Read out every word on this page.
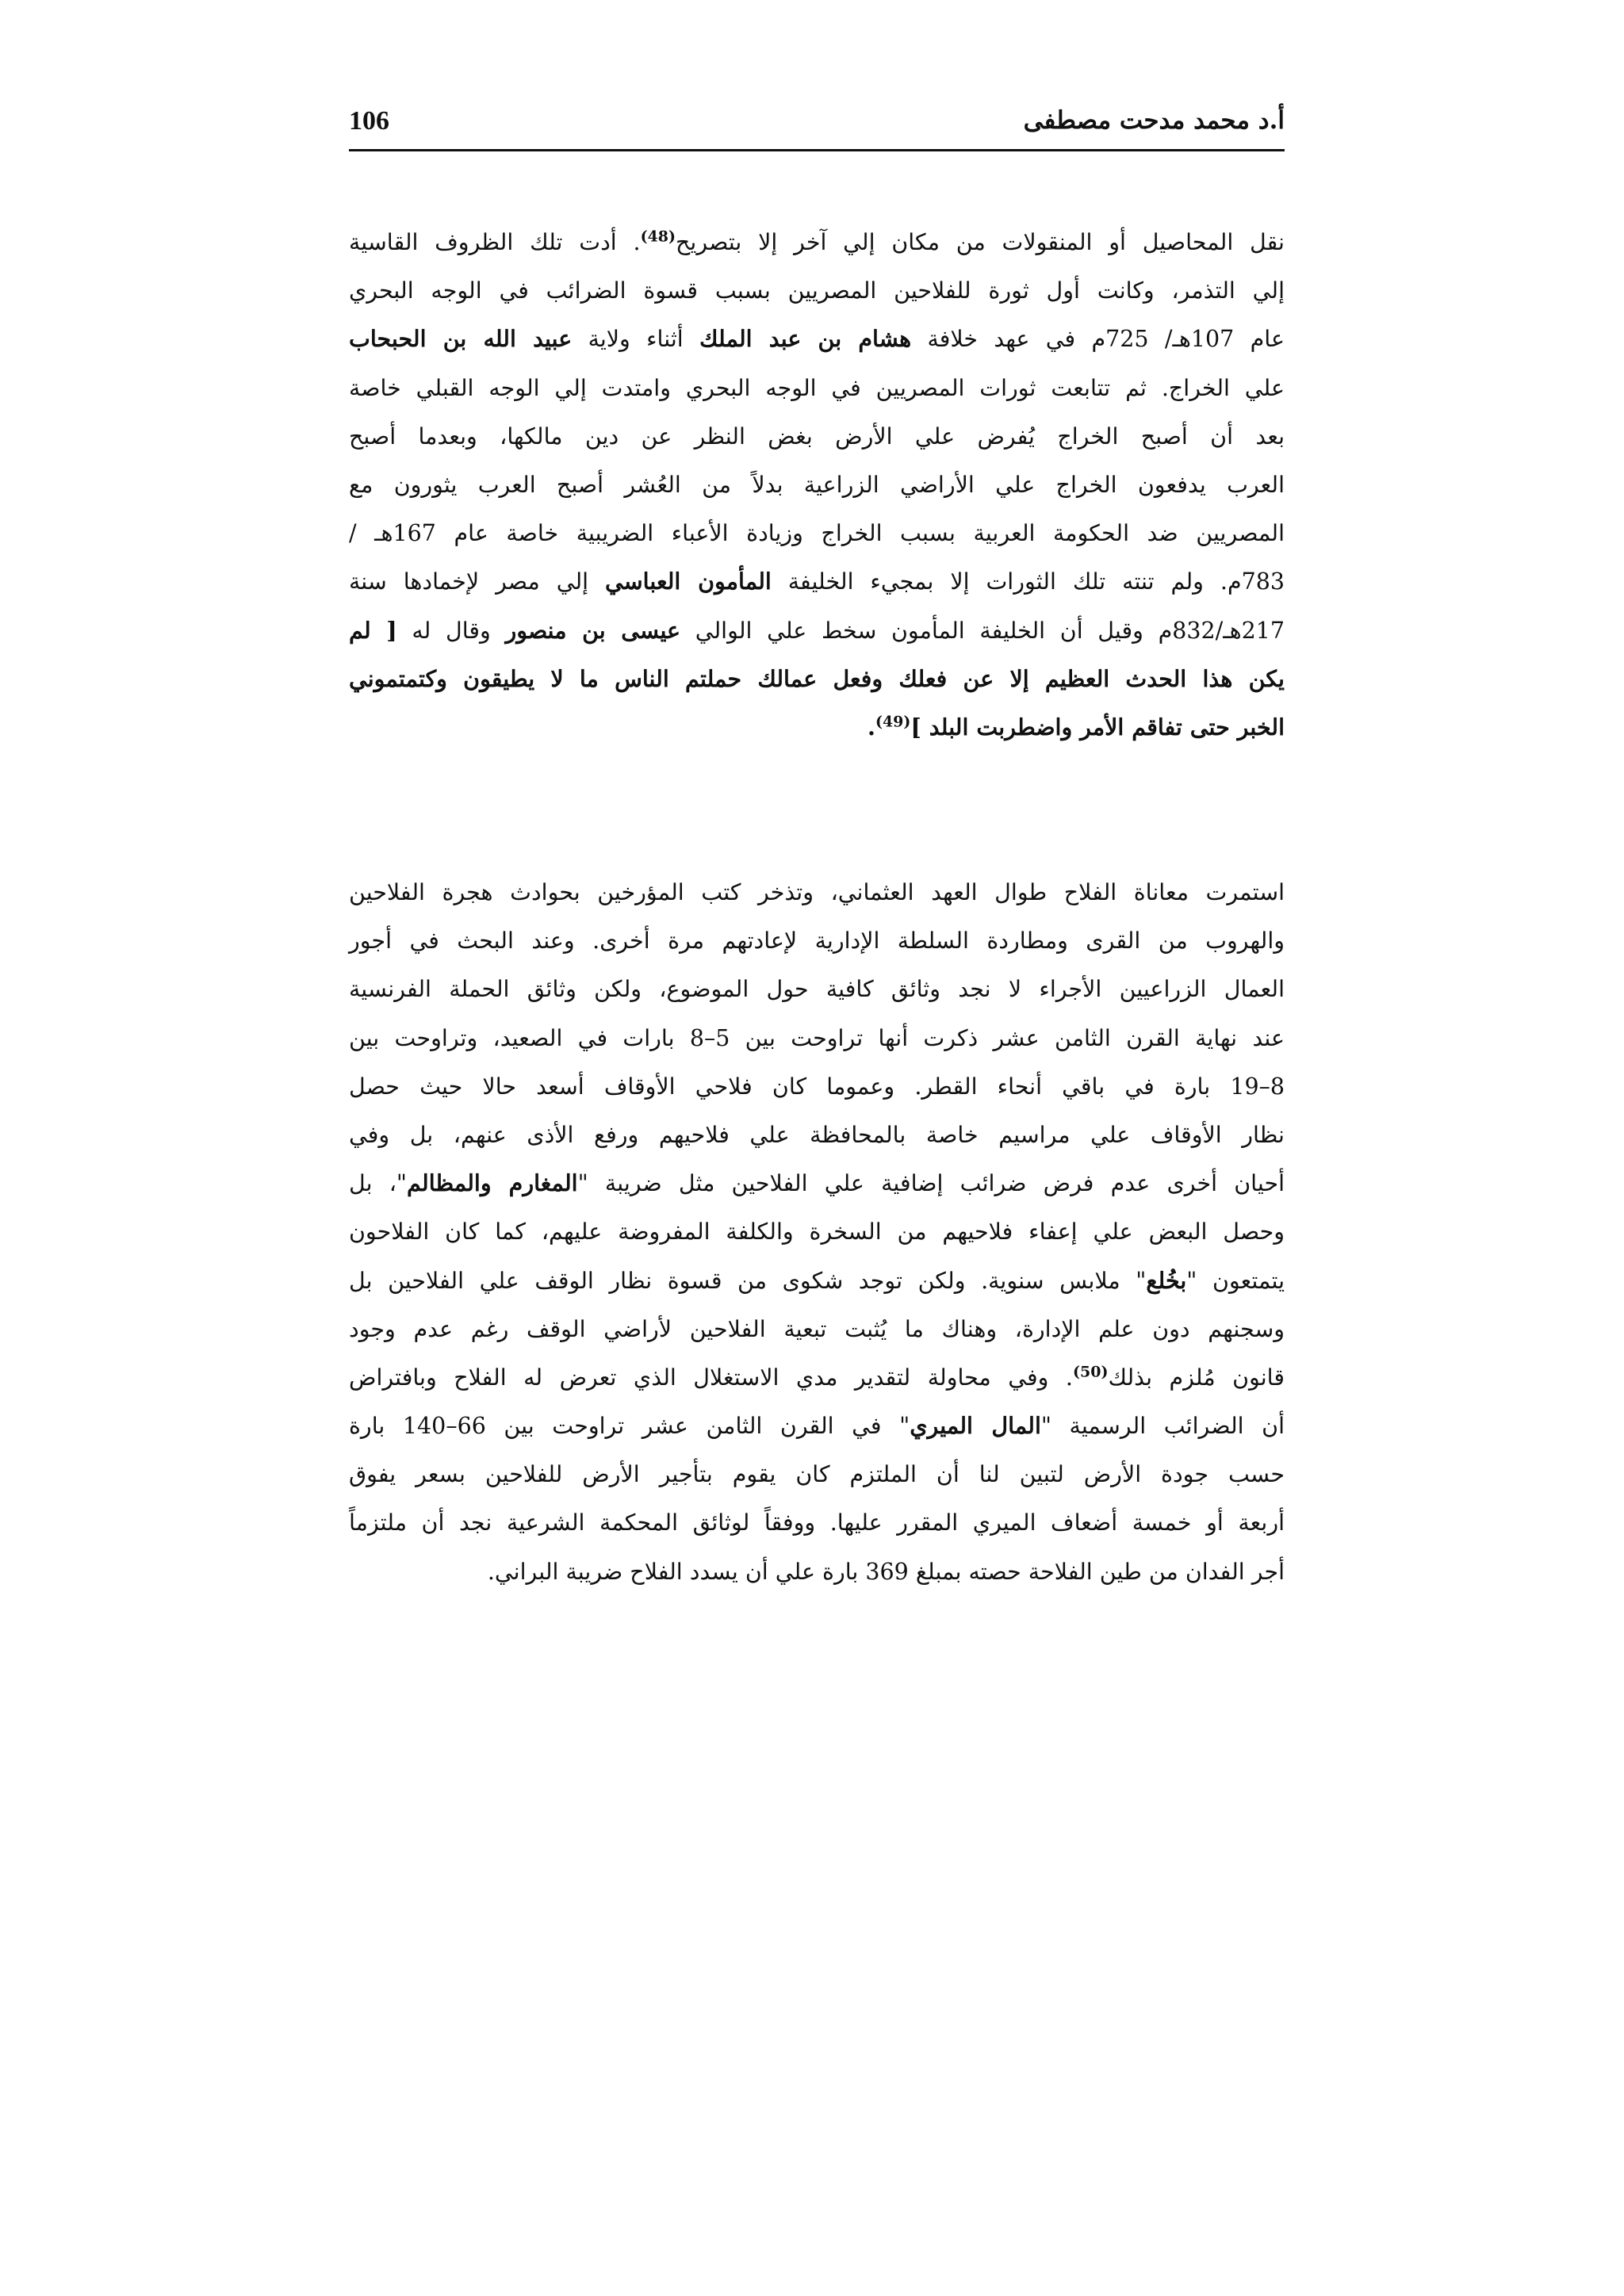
106	أ.د محمد مدحت مصطفى
نقل المحاصيل أو المنقولات من مكان إلي آخر إلا بتصريح$^{(48)}$. أدت تلك الظروف القاسية
إلي التذمر، وكانت أول ثورة للفلاحين المصريين بسبب قسوة الضرائب في الوجه البحري
عام 107هـ/ 725م في عهد خلافة هشام بن عبد الملك أثناء ولاية عبيد الله بن الحبحاب
علي الخراج. ثم تتابعت ثورات المصريين في الوجه البحري وامتدت إلي الوجه القبلي خاصة
بعد أن أصبح الخراج يُفرض علي الأرض بغض النظر عن دين مالكها، وبعدما أصبح
العرب يدفعون الخراج علي الأراضي الزراعية بدلاً من العُشر أصبح العرب يثورون مع
المصريين ضد الحكومة العربية بسبب الخراج وزيادة الأعباء الضريبية خاصة عام 167هـ /
783م. ولم تنته تلك الثورات إلا بمجيء الخليفة المأمون العباسي إلي مصر لإخمادها سنة
217هـ/832م وقيل أن الخليفة المأمون سخط علي الوالي عيسى بن منصور وقال له [ لم
يكن هذا الحدث العظيم إلا عن فعلك وفعل عمالك حملتم الناس ما لا يطيقون وكتمتموني
الخبر حتى تفاقم الأمر واضطربت البلد ]$^{(49)}$.
استمرت معاناة الفلاح طوال العهد العثماني، وتذخر كتب المؤرخين بحوادث هجرة الفلاحين
والهروب من القرى ومطاردة السلطة الإدارية لإعادتهم مرة أخرى. وعند البحث في أجور
العمال الزراعيين الأجراء لا نجد وثائق كافية حول الموضوع، ولكن وثائق الحملة الفرنسية
عند نهاية القرن الثامن عشر ذكرت أنها تراوحت بين 5–8 بارات في الصعيد، وتراوحت بين
8–19 بارة في باقي أنحاء القطر. وعموما كان فلاحي الأوقاف أسعد حالا حيث حصل
نظار الأوقاف علي مراسيم خاصة بالمحافظة علي فلاحيهم ورفع الأذى عنهم، بل وفي
أحيان أخرى عدم فرض ضرائب إضافية علي الفلاحين مثل ضريبة "المغارم والمظالم"، بل
وحصل البعض علي إعفاء فلاحيهم من السخرة والكلفة المفروضة عليهم، كما كان الفلاحون
يتمتعون "بخُلع" ملابس سنوية. ولكن توجد شكوى من قسوة نظار الوقف علي الفلاحين بل
وسجنهم دون علم الإدارة، وهناك ما يُثبت تبعية الفلاحين لأراضي الوقف رغم عدم وجود
قانون مُلزم بذلك$^{(50)}$. وفي محاولة لتقدير مدي الاستغلال الذي تعرض له الفلاح وبافتراض
أن الضرائب الرسمية "المال الميري" في القرن الثامن عشر تراوحت بين 66–140 بارة
حسب جودة الأرض لتبين لنا أن الملتزم كان يقوم بتأجير الأرض للفلاحين بسعر يفوق
أربعة أو خمسة أضعاف الميري المقرر عليها. ووفقاً لوثائق المحكمة الشرعية نجد أن ملتزماً
أجر الفدان من طين الفلاحة حصته بمبلغ 369 بارة علي أن يسدد الفلاح ضريبة البراني.
